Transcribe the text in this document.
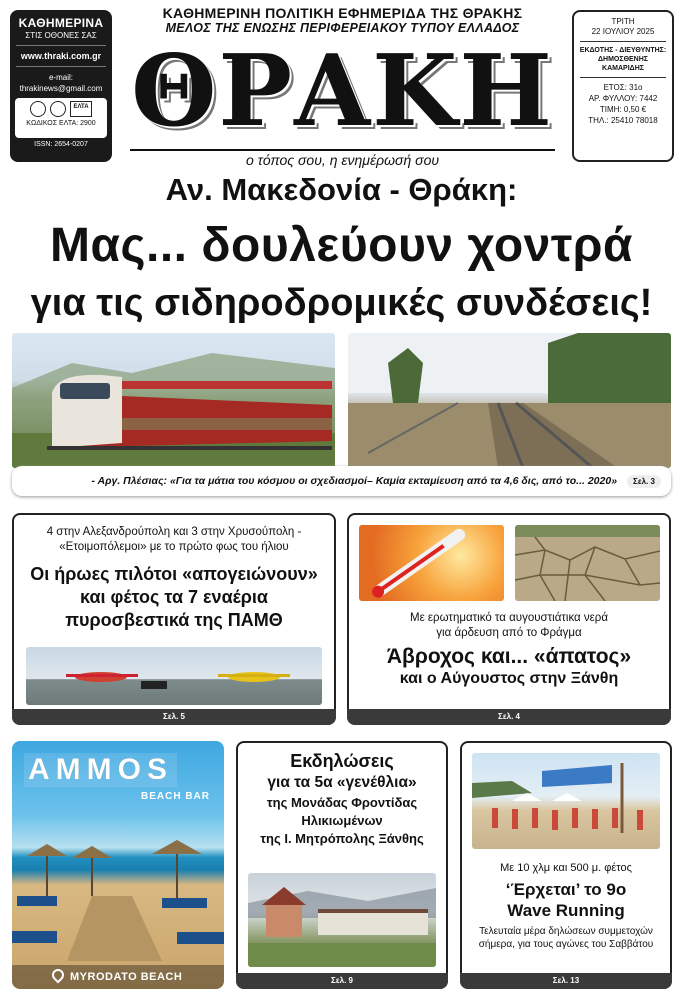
ΚΑΘΗΜΕΡΙΝΑ
ΣΤΙΣ ΟΘΟΝΕΣ ΣΑΣ
www.thraki.com.gr
e-mail:
thrakinews@gmail.com
ΕΛΤΑ
ΚΩΔΙΚΟΣ ΕΛΤΑ: 2900
ISSN: 2654-0207
ΚΑΘΗΜΕΡΙΝΗ ΠΟΛΙΤΙΚΗ ΕΦΗΜΕΡΙΔΑ ΤΗΣ ΘΡΑΚΗΣ
ΜΕΛΟΣ ΤΗΣ ΕΝΩΣΗΣ ΠΕΡΙΦΕΡΕΙΑΚΟΥ ΤΥΠΟΥ ΕΛΛΑΔΟΣ
ΘΡΑΚΗ
ο τόπος σου, η ενημέρωσή σου
ΤΡΙΤΗ
22 ΙΟΥΛΙΟΥ 2025
ΕΚΔΟΤΗΣ - ΔΙΕΥΘΥΝΤΗΣ:
ΔΗΜΟΣΘΕΝΗΣ
ΚΑΜΑΡΙΔΗΣ
ΕΤΟΣ: 31ο
ΑΡ. ΦΥΛΛΟΥ: 7442
ΤΙΜΗ: 0,50 €
ΤΗΛ.: 25410 78018
Αν. Μακεδονία - Θράκη:
Μας... δουλεύουν χοντρά
για τις σιδηροδρομικές συνδέσεις!
- Αργ. Πλέσιας: «Για τα μάτια του κόσμου οι σχεδιασμοί– Καμία εκταμίευση από τα 4,6 δις, από το... 2020»	Σελ. 3
4 στην Αλεξανδρούπολη και 3 στην Χρυσούπολη -
«Ετοιμοπόλεμοι» με το πρώτο φως του ήλιου
Οι ήρωες πιλότοι «απογειώνουν»
και φέτος τα 7 εναέρια
πυροσβεστικά της ΠΑΜΘ
Σελ. 5
Με ερωτηματικό τα αυγουστιάτικα νερά
για άρδευση από το Φράγμα
Άβροχος και... «άπατος»
και ο Αύγουστος στην Ξάνθη
Σελ. 4
AMMOS
BEACH BAR
MYRODATO BEACH
Εκδηλώσεις
για τα 5α «γενέθλια»
της Μονάδας Φροντίδας
Ηλικιωμένων
της Ι. Μητρόπολης Ξάνθης
Σελ. 9
Με 10 χλμ και 500 μ. φέτος
‘Έρχεται’ το 9ο
Wave Running
Τελευταία μέρα δηλώσεων συμμετοχών
σήμερα, για τους αγώνες του Σαββάτου
Σελ. 13
